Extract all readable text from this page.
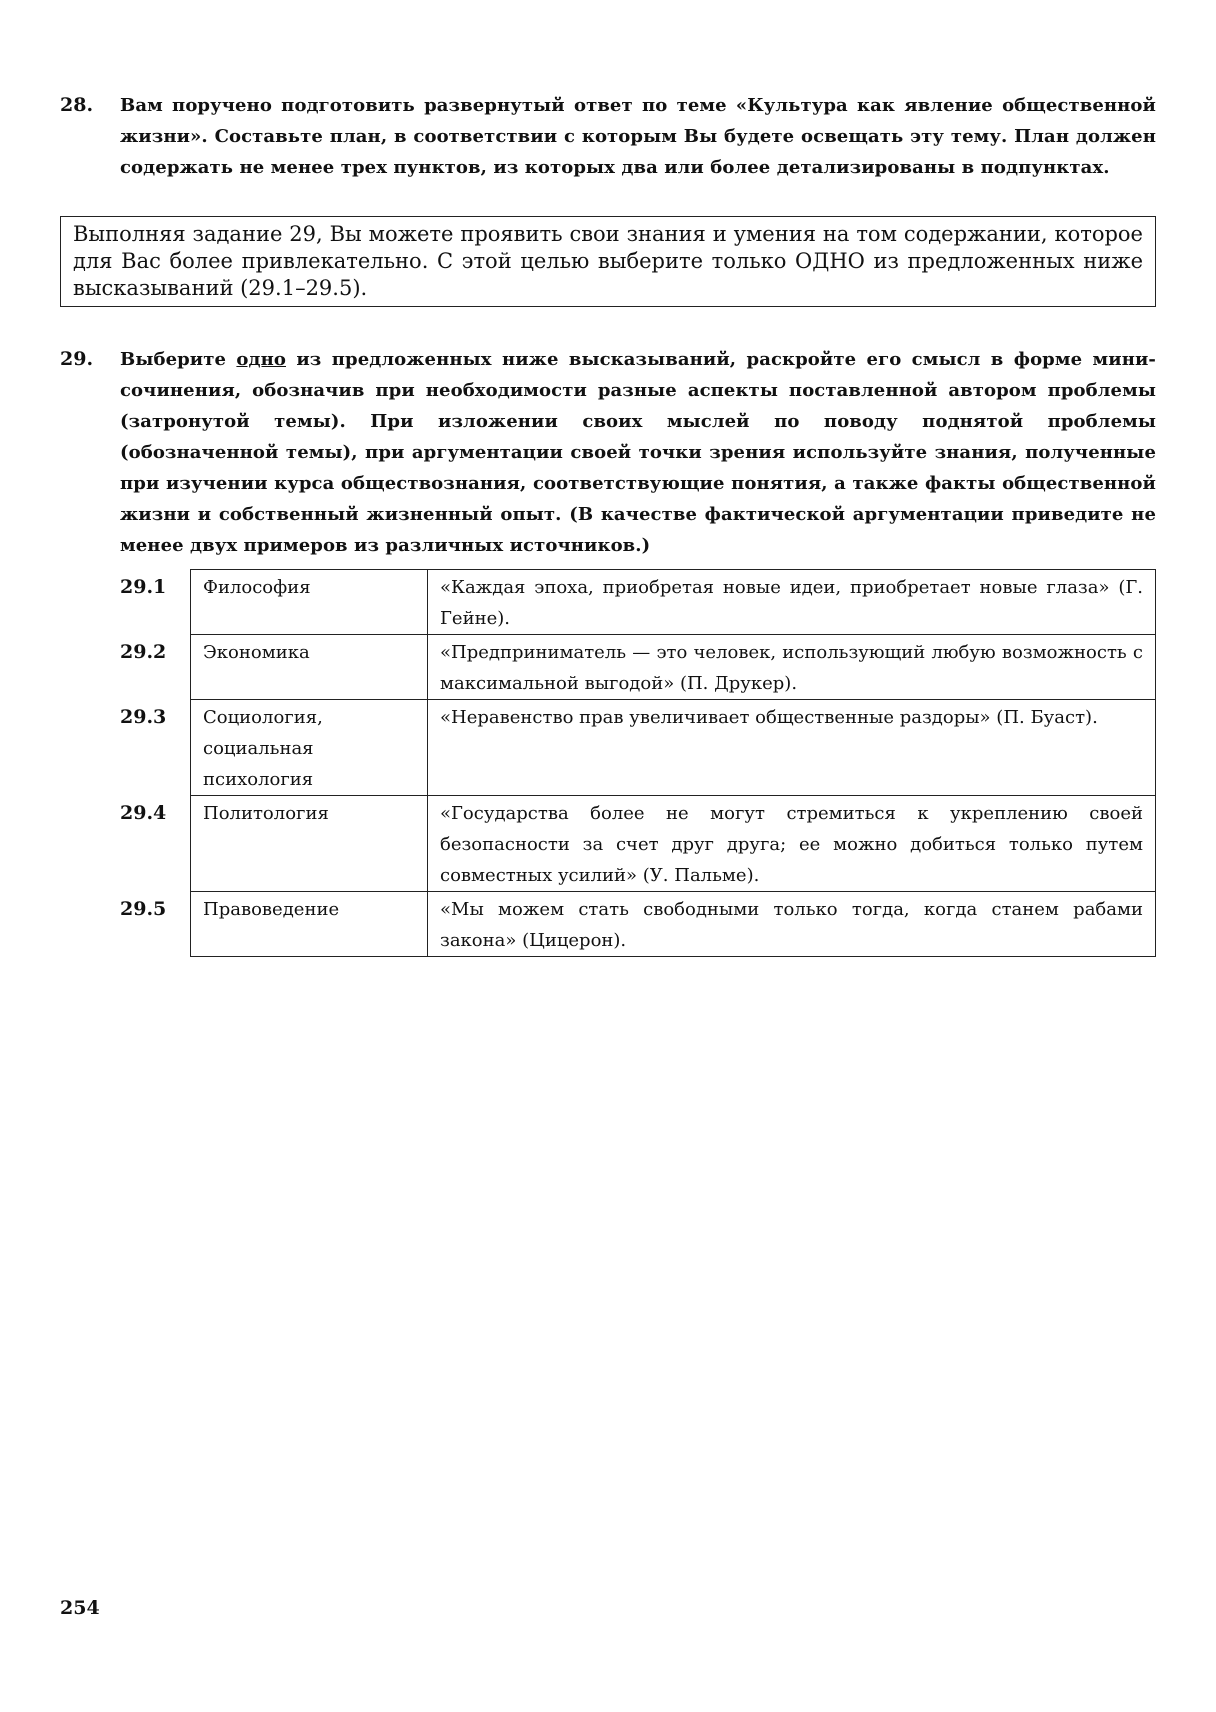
28.	Вам поручено подготовить развернутый ответ по теме «Культура как явление общественной жизни». Составьте план, в соответствии с которым Вы будете освещать эту тему. План должен содержать не менее трех пунктов, из которых два или более детализированы в подпунктах.
Выполняя задание 29, Вы можете проявить свои знания и умения на том содержании, которое для Вас более привлекательно. С этой целью выберите только ОДНО из предложенных ниже высказываний (29.1–29.5).
29.	Выберите одно из предложенных ниже высказываний, раскройте его смысл в форме мини-сочинения, обозначив при необходимости разные аспекты поставленной автором проблемы (затронутой темы). При изложении своих мыслей по поводу поднятой проблемы (обозначенной темы), при аргументации своей точки зрения используйте знания, полученные при изучении курса обществознания, соответствующие понятия, а также факты общественной жизни и собственный жизненный опыт. (В качестве фактической аргументации приведите не менее двух примеров из различных источников.)
29.1	Философия	«Каждая эпоха, приобретая новые идеи, приобретает новые глаза» (Г. Гейне).
29.2	Экономика	«Предприниматель — это человек, использующий любую возможность с максимальной выгодой» (П. Друкер).
29.3	Социология, социальная психология	«Неравенство прав увеличивает общественные раздоры» (П. Буаст).
29.4	Политология	«Государства более не могут стремиться к укреплению своей безопасности за счет друг друга; ее можно добиться только путем совместных усилий» (У. Пальме).
29.5	Правоведение	«Мы можем стать свободными только тогда, когда станем рабами закона» (Цицерон).
254
